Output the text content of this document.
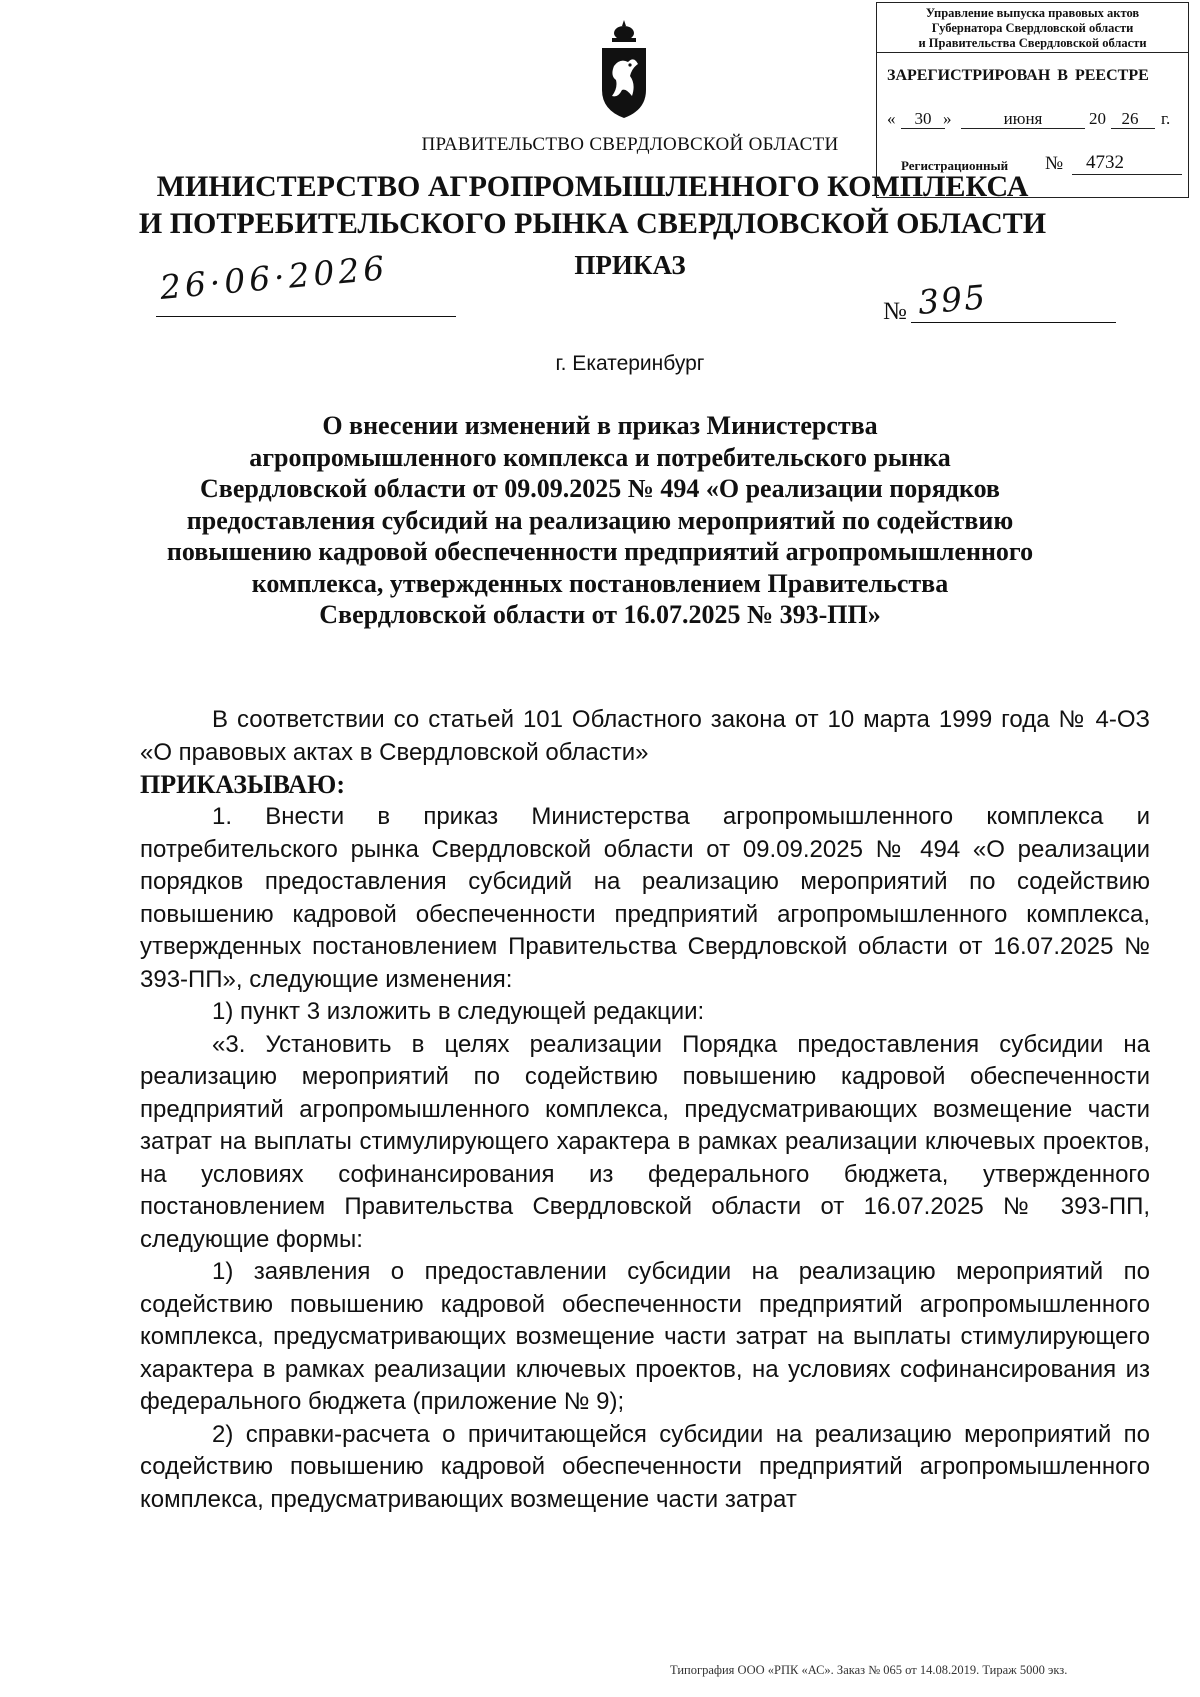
ПРАВИТЕЛЬСТВО СВЕРДЛОВСКОЙ ОБЛАСТИ
МИНИСТЕРСТВО АГРОПРОМЫШЛЕННОГО КОМПЛЕКСА
И ПОТРЕБИТЕЛЬСКОГО РЫНКА СВЕРДЛОВСКОЙ ОБЛАСТИ
ПРИКАЗ
Управление выпуска правовых актов
Губернатора Свердловской области
и Правительства Свердловской области
ЗАРЕГИСТРИРОВАН В РЕЕСТРЕ
«	30 »	июня	20 26	г.
Регистрационный №	4732
26·06·2026
№ 395
г. Екатеринбург
О внесении изменений в приказ Министерства
агропромышленного комплекса и потребительского рынка
Свердловской области от 09.09.2025 № 494 «О реализации порядков
предоставления субсидий на реализацию мероприятий по содействию
повышению кадровой обеспеченности предприятий агропромышленного
комплекса, утвержденных постановлением Правительства
Свердловской области от 16.07.2025 № 393-ПП»

В соответствии со статьей 101 Областного закона от 10 марта 1999 года № 4-ОЗ «О правовых актах в Свердловской области»

ПРИКАЗЫВАЮ:

1. Внести в приказ Министерства агропромышленного комплекса и потребительского рынка Свердловской области от 09.09.2025 № 494 «О реализации порядков предоставления субсидий на реализацию мероприятий по содействию повышению кадровой обеспеченности предприятий агропромышленного комплекса, утвержденных постановлением Правительства Свердловской области от 16.07.2025 № 393-ПП», следующие изменения:

1) пункт 3 изложить в следующей редакции:

«3. Установить в целях реализации Порядка предоставления субсидии на реализацию мероприятий по содействию повышению кадровой обеспеченности предприятий агропромышленного комплекса, предусматривающих возмещение части затрат на выплаты стимулирующего характера в рамках реализации ключевых проектов, на условиях софинансирования из федерального бюджета, утвержденного постановлением Правительства Свердловской области от 16.07.2025 № 393-ПП, следующие формы:

1) заявления о предоставлении субсидии на реализацию мероприятий по содействию повышению кадровой обеспеченности предприятий агропромышленного комплекса, предусматривающих возмещение части затрат на выплаты стимулирующего характера в рамках реализации ключевых проектов, на условиях софинансирования из федерального бюджета (приложение № 9);

2) справки-расчета о причитающейся субсидии на реализацию мероприятий по содействию повышению кадровой обеспеченности предприятий агропромышленного комплекса, предусматривающих возмещение части затрат

Типография ООО «РПК «АС». Заказ № 065 от 14.08.2019. Тираж 5000 экз.
